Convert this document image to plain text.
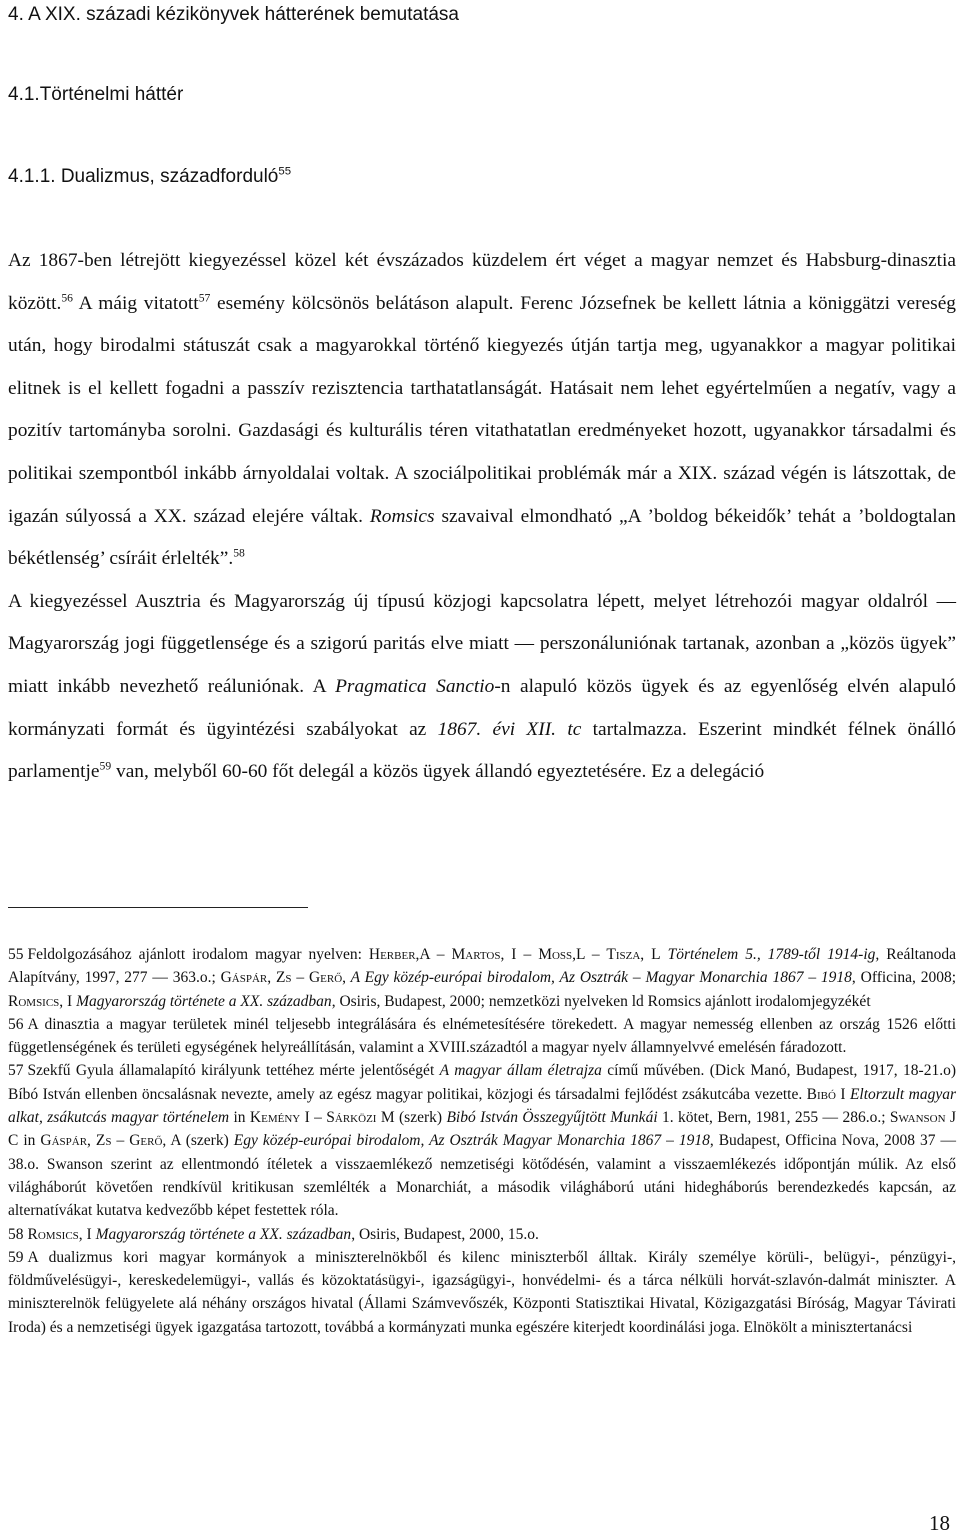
4. A XIX. századi kézikönyvek hátterének bemutatása
4.1.Történelmi háttér
4.1.1. Dualizmus, századforduló$^{55}$

Az 1867-ben létrejött kiegyezéssel közel két évszázados küzdelem ért véget a magyar nemzet és Habsburg-dinasztia között.$^{56}$ A máig vitatott$^{57}$ esemény kölcsönös belátáson alapult. Ferenc Józsefnek be kellett látnia a königgätzi vereség után, hogy birodalmi státuszát csak a magyarokkal történő kiegyezés útján tartja meg, ugyanakkor a magyar politikai elitnek is el kellett fogadni a passzív rezisztencia tarthatatlanságát. Hatásait nem lehet egyértelműen a negatív, vagy a pozitív tartományba sorolni. Gazdasági és kulturális téren vitathatatlan eredményeket hozott, ugyanakkor társadalmi és politikai szempontból inkább árnyoldalai voltak. A szociálpolitikai problémák már a XIX. század végén is látszottak, de igazán súlyossá a XX. század elejére váltak. Romsics szavaival elmondható „A ’boldog békeidők’ tehát a ’boldogtalan békétlenség’ csíráit érlelték”.$^{58}$

A kiegyezéssel Ausztria és Magyarország új típusú közjogi kapcsolatra lépett, melyet létrehozói magyar oldalról — Magyarország jogi függetlensége és a szigorú paritás elve miatt — perszonáluniónak tartanak, azonban a „közös ügyek” miatt inkább nevezhető reáluniónak. A Pragmatica Sanctio-n alapuló közös ügyek és az egyenlőség elvén alapuló kormányzati formát és ügyintézési szabályokat az 1867. évi XII. tc tartalmazza. Eszerint mindkét félnek önálló parlamentje$^{59}$ van, melyből 60-60 főt delegál a közös ügyek állandó egyeztetésére. Ez a delegáció

55 Feldolgozásához ajánlott irodalom magyar nyelven: Herber,A – Martos, I – Moss,L – Tisza, L Történelem 5., 1789-től 1914-ig, Reáltanoda Alapítvány, 1997, 277 — 363.o.; Gáspár, Zs – Gerő, A Egy közép-európai birodalom, Az Osztrák – Magyar Monarchia 1867 – 1918, Officina, 2008; Romsics, I Magyarország története a XX. században, Osiris, Budapest, 2000; nemzetközi nyelveken ld Romsics ajánlott irodalomjegyzékét

56 A dinasztia a magyar területek minél teljesebb integrálására és elnémetesítésére törekedett. A magyar nemesség ellenben az ország 1526 előtti függetlenségének és területi egységének helyreállításán, valamint a XVIII.századtól a magyar nyelv államnyelvvé emelésén fáradozott.

57 Szekfű Gyula államalapító királyunk tettéhez mérte jelentőségét A magyar állam életrajza című művében. (Dick Manó, Budapest, 1917, 18-21.o) Bíbó István ellenben öncsalásnak nevezte, amely az egész magyar politikai, közjogi és társadalmi fejlődést zsákutcába vezette. Bibó I Eltorzult magyar alkat, zsákutcás magyar történelem in Kemény I – Sárközi M (szerk) Bibó István Összegyűjtött Munkái 1. kötet, Bern, 1981, 255 — 286.o.; Swanson J C in Gáspár, Zs – Gerő, A (szerk) Egy közép-európai birodalom, Az Osztrák Magyar Monarchia 1867 – 1918, Budapest, Officina Nova, 2008 37 — 38.o. Swanson szerint az ellentmondó ítéletek a visszaemlékező nemzetiségi kötődésén, valamint a visszaemlékezés időpontján múlik. Az első világháborút követően rendkívül kritikusan szemlélték a Monarchiát, a második világháború utáni hidegháborús berendezkedés kapcsán, az alternatívákat kutatva kedvezőbb képet festettek róla.

58 Romsics, I Magyarország története a XX. században, Osiris, Budapest, 2000, 15.o.

59 A dualizmus kori magyar kormányok a miniszterelnökből és kilenc miniszterből álltak. Király személye körüli-, belügyi-, pénzügyi-, földművelésügyi-, kereskedelemügyi-, vallás és közoktatásügyi-, igazságügyi-, honvédelmi- és a tárca nélküli horvát-szlavón-dalmát miniszter. A miniszterelnök felügyelete alá néhány országos hivatal (Állami Számvevőszék, Központi Statisztikai Hivatal, Közigazgatási Bíróság, Magyar Távirati Iroda) és a nemzetiségi ügyek igazgatása tartozott, továbbá a kormányzati munka egészére kiterjedt koordinálási joga. Elnökölt a minisztertanácsi

18
